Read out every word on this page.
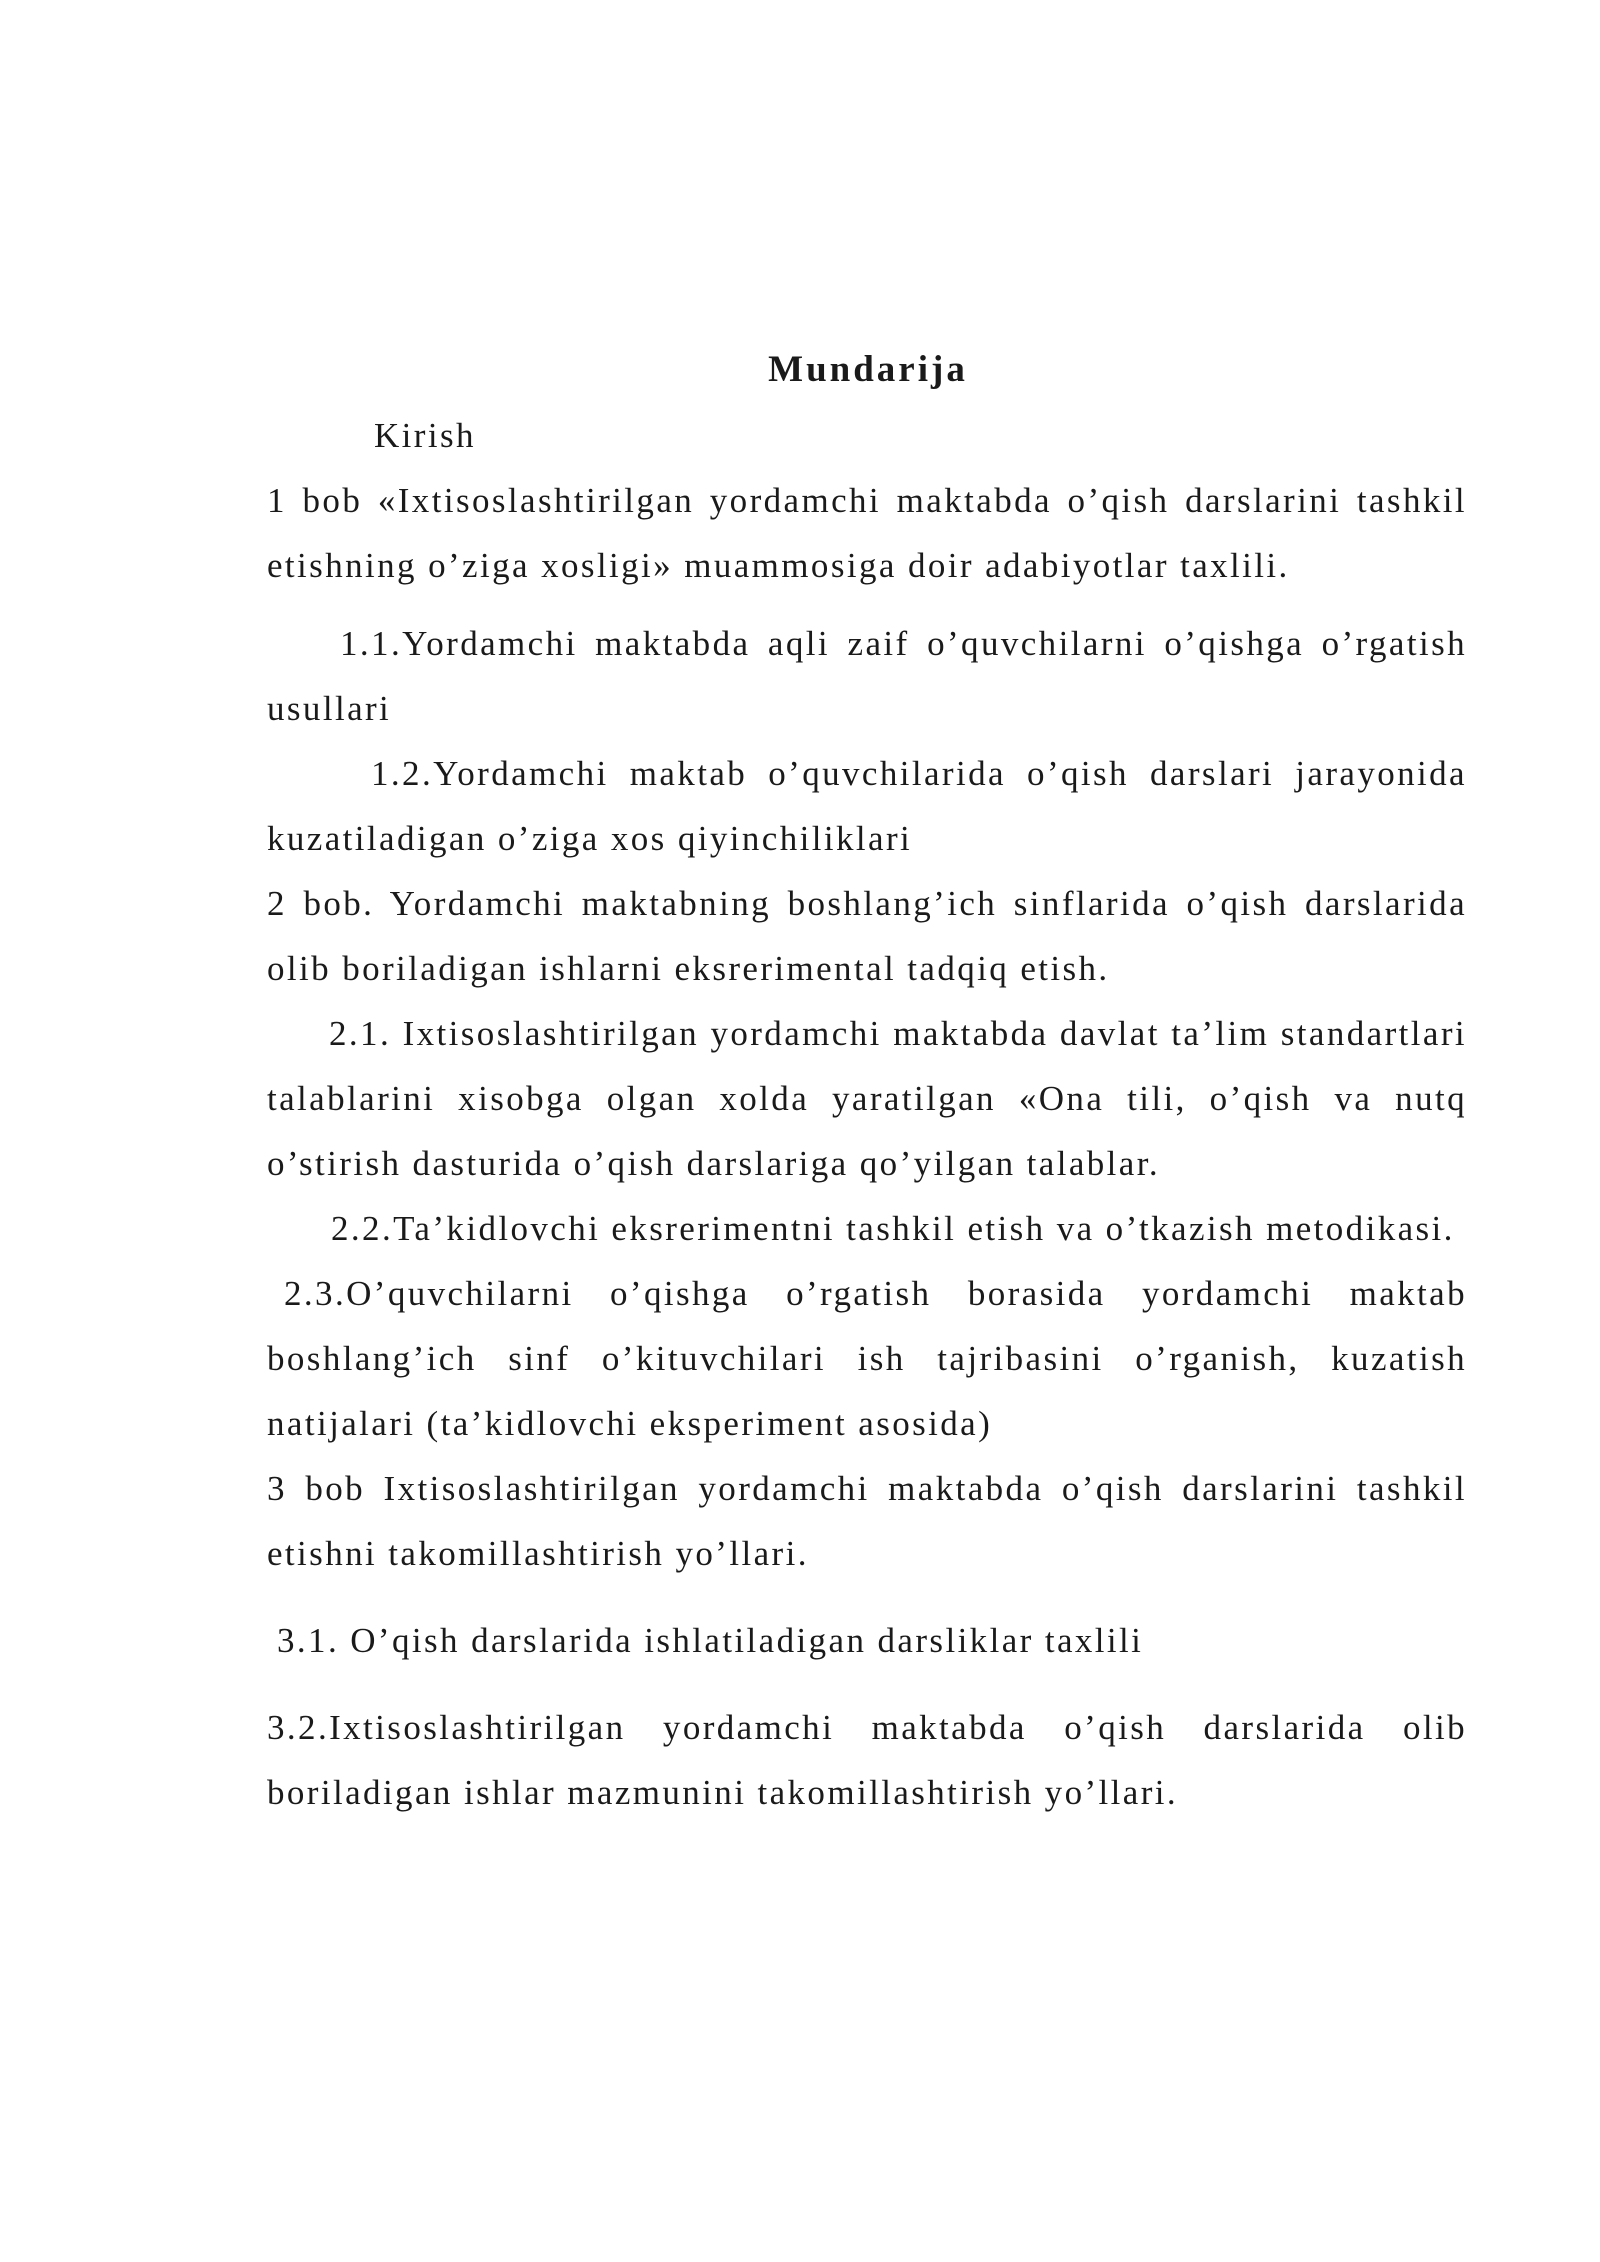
Mundarija

Kirish

1 bob «Ixtisoslashtirilgan yordamchi maktabda o’qish darslarini tashkil etishning o’ziga xosligi» muammosiga doir adabiyotlar taxlili.

1.1.Yordamchi maktabda aqli zaif o’quvchilarni o’qishga o’rgatish usullari

1.2.Yordamchi maktab o’quvchilarida o’qish darslari jarayonida kuzatiladigan o’ziga xos qiyinchiliklari

2 bob. Yordamchi maktabning boshlang’ich sinflarida o’qish darslarida olib boriladigan ishlarni eksrerimental tadqiq etish.

2.1. Ixtisoslashtirilgan yordamchi maktabda davlat ta’lim standartlari talablarini xisobga olgan xolda yaratilgan «Ona tili, o’qish va nutq o’stirish dasturida o’qish darslariga qo’yilgan talablar.

2.2.Ta’kidlovchi eksrerimentni tashkil etish va o’tkazish metodikasi.

2.3.O’quvchilarni o’qishga o’rgatish borasida yordamchi maktab boshlang’ich sinf o’kituvchilari ish tajribasini o’rganish, kuzatish natijalari (ta’kidlovchi eksperiment asosida)

3 bob Ixtisoslashtirilgan yordamchi maktabda o’qish darslarini tashkil etishni takomillashtirish yo’llari.

3.1. O’qish darslarida ishlatiladigan darsliklar taxlili

3.2.Ixtisoslashtirilgan yordamchi maktabda o’qish darslarida olib boriladigan ishlar mazmunini takomillashtirish yo’llari.
